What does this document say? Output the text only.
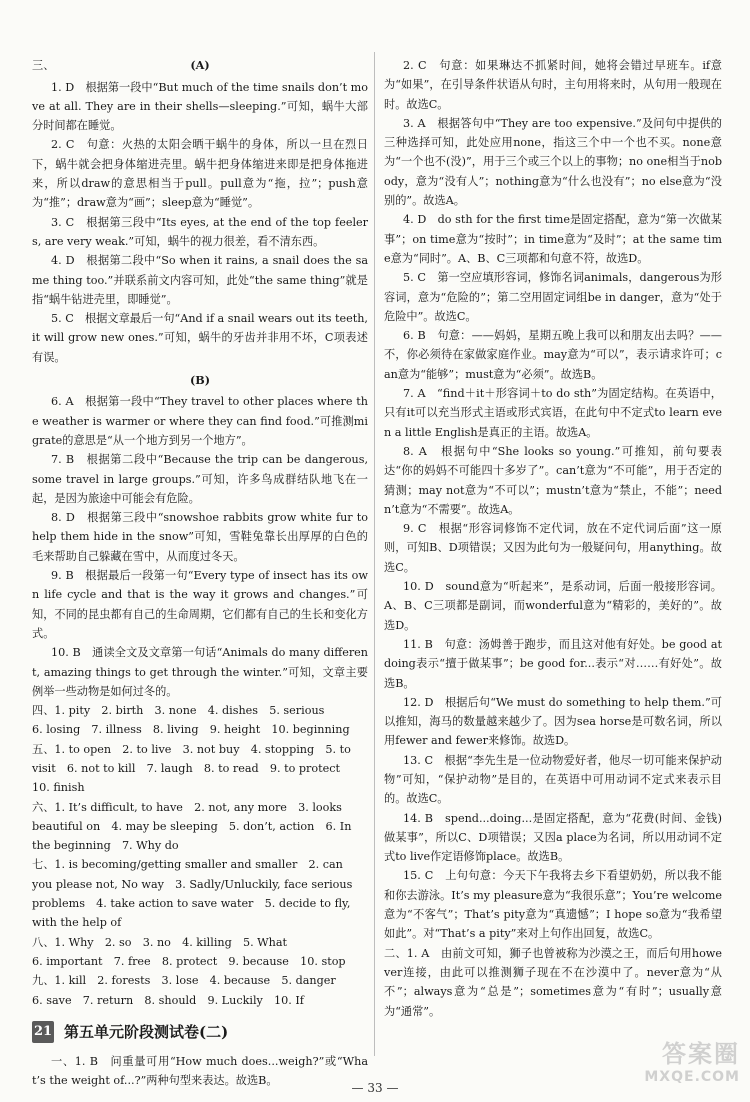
三、	(A)

1. D　根据第一段中“But much of the time snails don’t move at all. They are in their shells—sleeping.”可知，蜗牛大部分时间都在睡觉。

2. C　句意：火热的太阳会晒干蜗牛的身体，所以一旦在烈日下，蜗牛就会把身体缩进壳里。蜗牛把身体缩进来即是把身体拖进来，所以draw的意思相当于pull。pull意为“拖，拉”；push意为“推”；draw意为“画”；sleep意为“睡觉”。

3. C　根据第三段中“Its eyes, at the end of the top feelers, are very weak.”可知，蜗牛的视力很差，看不清东西。

4. D　根据第二段中“So when it rains, a snail does the same thing too.”并联系前文内容可知，此处“the same thing”就是指“蜗牛钻进壳里，即睡觉”。

5. C　根据文章最后一句“And if a snail wears out its teeth, it will grow new ones.”可知，蜗牛的牙齿并非用不坏，C项表述有误。

(B)

6. A　根据第一段中“They travel to other places where the weather is warmer or where they can find food.”可推测migrate的意思是“从一个地方到另一个地方”。

7. B　根据第二段中“Because the trip can be dangerous, some travel in large groups.”可知，许多鸟成群结队地飞在一起，是因为旅途中可能会有危险。

8. D　根据第三段中“snowshoe rabbits grow white fur to help them hide in the snow”可知，雪鞋兔靠长出厚厚的白色的毛来帮助自己躲藏在雪中，从而度过冬天。

9. B　根据最后一段第一句“Every type of insect has its own life cycle and that is the way it grows and changes.”可知，不同的昆虫都有自己的生命周期，它们都有自己的生长和变化方式。

10. B　通读全文及文章第一句话“Animals do many different, amazing things to get through the winter.”可知，文章主要例举一些动物是如何过冬的。

四、1. pity　2. birth　3. none　4. dishes　5. serious

6. losing　7. illness　8. living　9. height　10. beginning

五、1. to open　2. to live　3. not buy　4. stopping　5. to

visit　6. not to kill　7. laugh　8. to read　9. to protect

10. finish

六、1. It’s difficult, to have　2. not, any more　3. looks

beautiful on　4. may be sleeping　5. don’t, action　6. In

the beginning　7. Why do

七、1. is becoming/getting smaller and smaller　2. can

you please not, No way　3. Sadly/Unluckily, face serious

problems　4. take action to save water　5. decide to fly,

with the help of

八、1. Why　2. so　3. no　4. killing　5. What

6. important　7. free　8. protect　9. because　10. stop

九、1. kill　2. forests　3. lose　4. because　5. danger

6. save　7. return　8. should　9. Luckily　10. If

21 第五单元阶段测试卷(二)

一、1. B　问重量可用“How much does...weigh?”或“What’s the weight of...?”两种句型来表达。故选B。

2. C　句意：如果琳达不抓紧时间，她将会错过早班车。if意为“如果”，在引导条件状语从句时，主句用将来时，从句用一般现在时。故选C。

3. A　根据答句中“They are too expensive.”及问句中提供的三种选择可知，此处应用none，指这三个中一个也不买。none意为“一个也不(没)”，用于三个或三个以上的事物；no one相当于nobody，意为“没有人”；nothing意为“什么也没有”；no else意为“没别的”。故选A。

4. D　do sth for the first time是固定搭配，意为“第一次做某事”；on time意为“按时”；in time意为“及时”；at the same time意为“同时”。A、B、C三项都和句意不符，故选D。

5. C　第一空应填形容词，修饰名词animals，dangerous为形容词，意为“危险的”；第二空用固定词组be in danger，意为“处于危险中”。故选C。

6. B　句意：——妈妈，星期五晚上我可以和朋友出去吗？——不，你必须待在家做家庭作业。may意为“可以”，表示请求许可；can意为“能够”；must意为“必须”。故选B。

7. A　“find＋it＋形容词＋to do sth”为固定结构。在英语中，只有it可以充当形式主语或形式宾语，在此句中不定式to learn even a little English是真正的主语。故选A。

8. A　根据句中“She looks so young.”可推知，前句要表达“你的妈妈不可能四十多岁了”。can’t意为“不可能”，用于否定的猜测；may not意为“不可以”；mustn’t意为“禁止，不能”；needn’t意为“不需要”。故选A。

9. C　根据“形容词修饰不定代词，放在不定代词后面”这一原则，可知B、D项错误；又因为此句为一般疑问句，用anything。故选C。

10. D　sound意为“听起来”，是系动词，后面一般接形容词。A、B、C三项都是副词，而wonderful意为“精彩的，美好的”。故选D。

11. B　句意：汤姆善于跑步，而且这对他有好处。be good at doing表示“擅于做某事”；be good for...表示“对……有好处”。故选B。

12. D　根据后句“We must do something to help them.”可以推知，海马的数量越来越少了。因为sea horse是可数名词，所以用fewer and fewer来修饰。故选D。

13. C　根据“李先生是一位动物爱好者，他尽一切可能来保护动物”可知，“保护动物”是目的，在英语中可用动词不定式来表示目的。故选C。

14. B　spend...doing...是固定搭配，意为“花费(时间、金钱)做某事”，所以C、D项错误；又因a place为名词，所以用动词不定式to live作定语修饰place。故选B。

15. C　上句句意：今天下午我将去乡下看望奶奶，所以我不能和你去游泳。It’s my pleasure意为“我很乐意”；You’re welcome意为“不客气”；That’s pity意为“真遗憾”；I hope so意为“我希望如此”。对“That’s a pity”来对上句作出回复，故选C。

二、1. A　由前文可知，狮子也曾被称为沙漠之王，而后句用however连接，由此可以推测狮子现在不在沙漠中了。never意为“从不”；always意为“总是”；sometimes意为“有时”；usually意为“通常”。

— 33 —
答案圈
MXQE.COM
